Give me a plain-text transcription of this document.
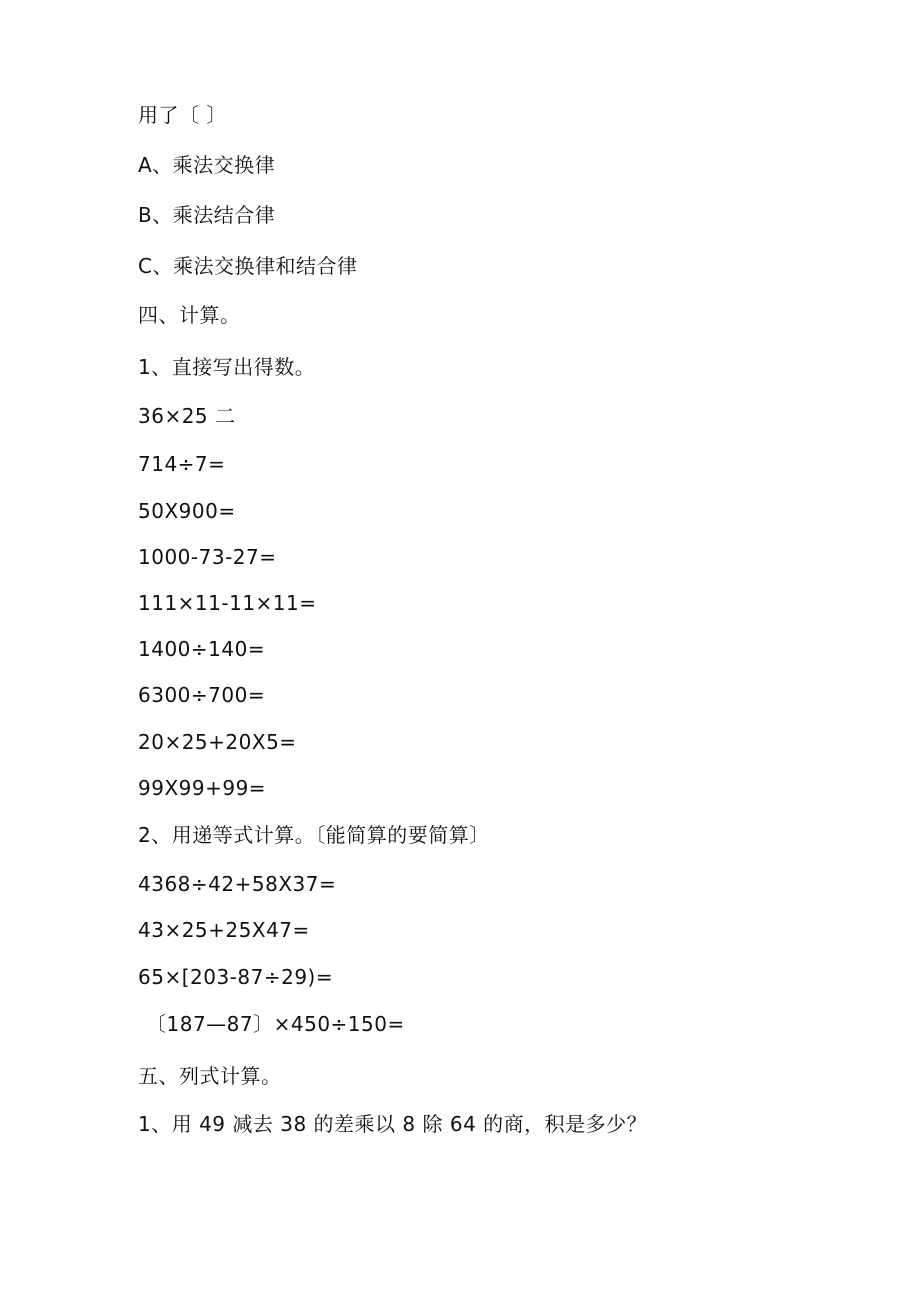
用了〔 〕
A、乘法交换律
B、乘法结合律
C、乘法交换律和结合律
四、计算。
1、直接写出得数。
36×25 二
714÷7=
50X900=
1000-73-27=
111×11-11×11=
1400÷140=
6300÷700=
20×25+20X5=
99X99+99=
2、用递等式计算。〔能简算的要简算〕
4368÷42+58X37=
43×25+25X47=
65×[203-87÷29)=
〔187—87〕×450÷150=
五、列式计算。
1、用 49 减去 38 的差乘以 8 除 64 的商，积是多少？
